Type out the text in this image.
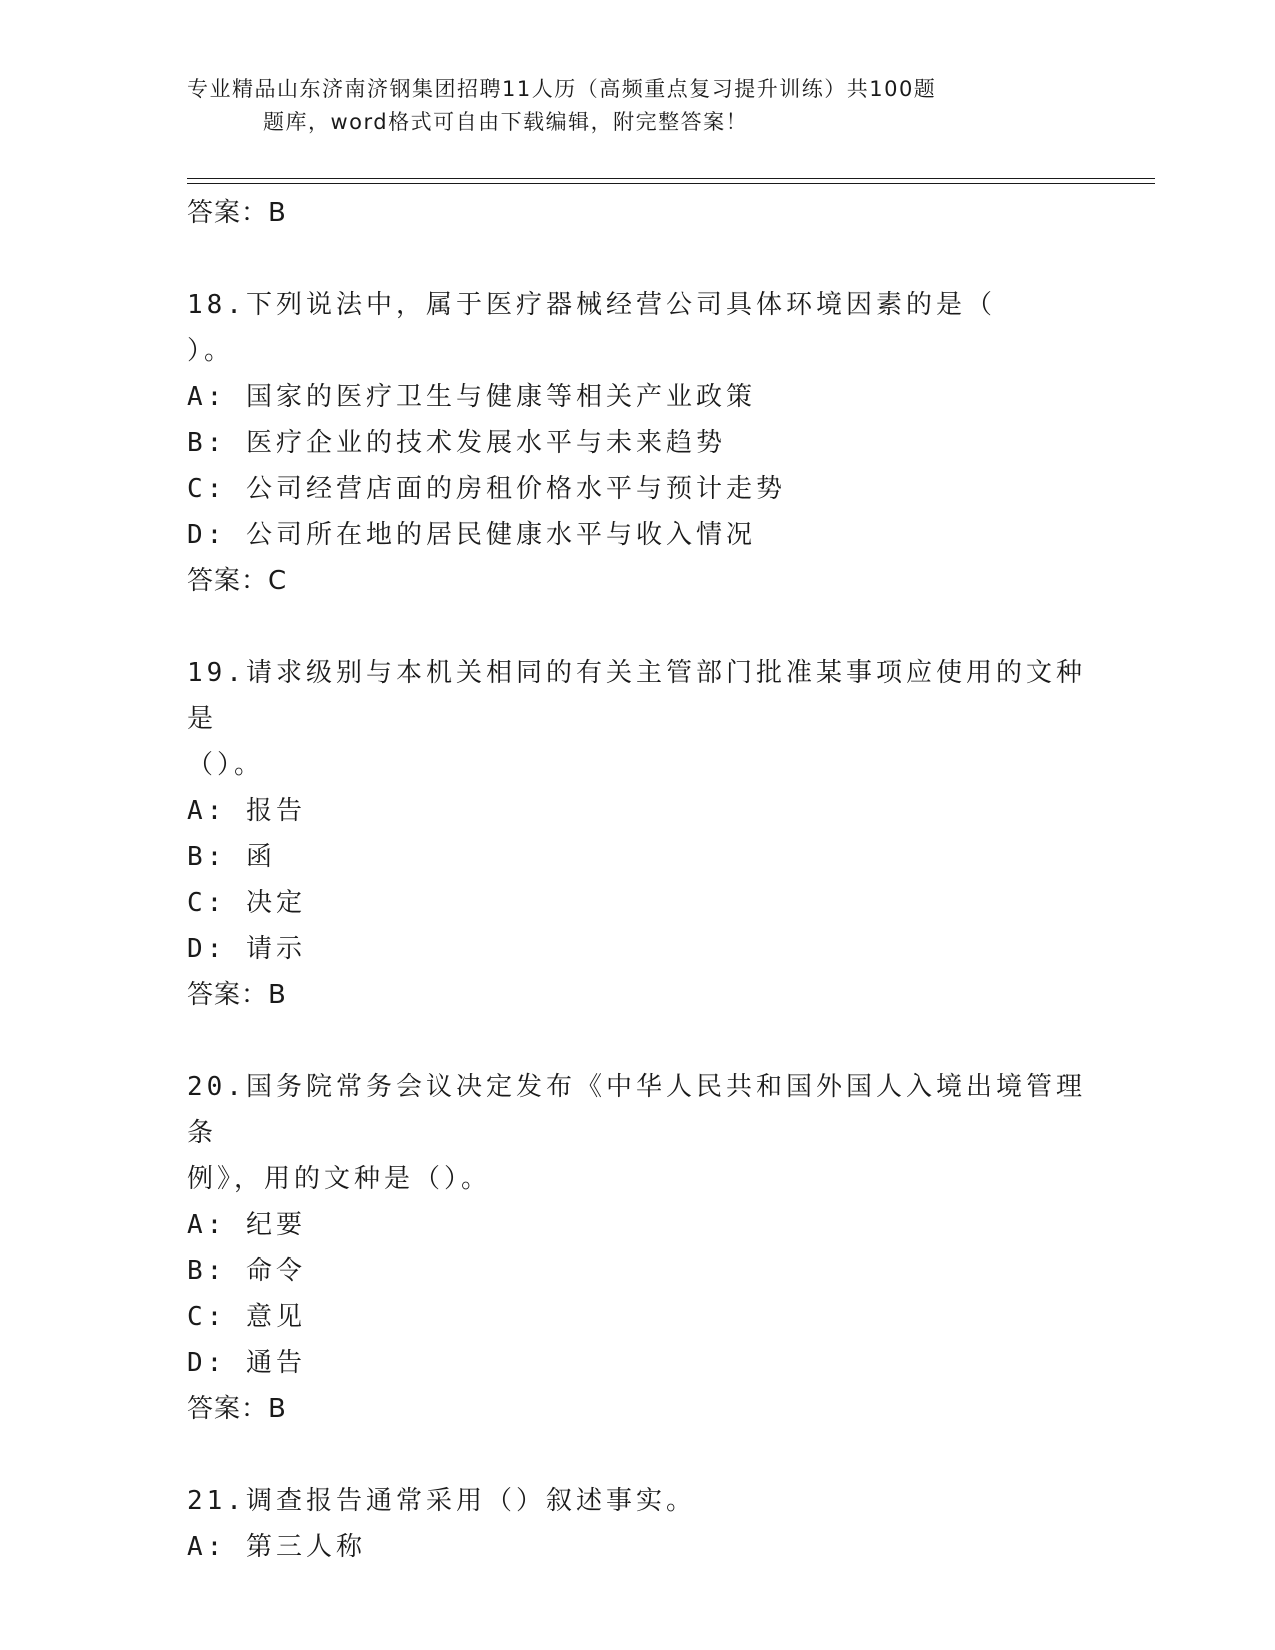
专业精品山东济南济钢集团招聘11人历（高频重点复习提升训练）共100题
题库，word格式可自由下载编辑，附完整答案！

答案：B

18.下列说法中，属于医疗器械经营公司具体环境因素的是（

）。

A: 国家的医疗卫生与健康等相关产业政策

B: 医疗企业的技术发展水平与未来趋势

C: 公司经营店面的房租价格水平与预计走势

D: 公司所在地的居民健康水平与收入情况

答案：C

19.请求级别与本机关相同的有关主管部门批准某事项应使用的文种是

（）。

A: 报告

B: 函

C: 决定

D: 请示

答案：B

20.国务院常务会议决定发布《中华人民共和国外国人入境出境管理条

例》，用的文种是（）。

A: 纪要

B: 命令

C: 意见

D: 通告

答案：B

21.调查报告通常采用（）叙述事实。

A: 第三人称
